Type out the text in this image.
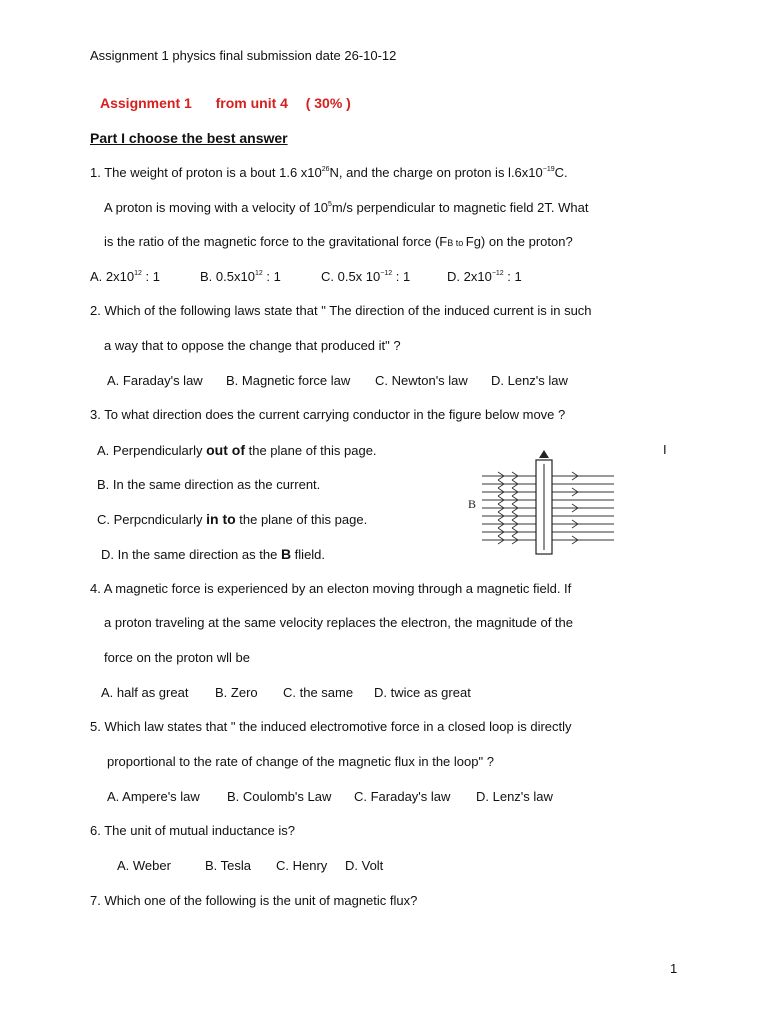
Assignment 1 physics final submission date 26-10-12
Assignment 1 from unit 4 ( 30% )
Part I choose the best answer
1. The weight of proton is a bout 1.6 $x10^{26}N$, and the charge on proton is $l.6x10^{-19}C$.
A proton is moving with a velocity of $10^5m/s$ perpendicular to magnetic field 2T. What
is the ratio of the magnetic force to the gravitational force (FB to Fg) on the proton?
A. $2x10^{12}$ : 1	B. $0.5x10^{12}$ : 1	C. 0.5x $10^{-12}$ : 1	D. $2x10^{-12}$ : 1
2. Which of the following laws state that " The direction of the induced current is in such
a way that to oppose the change that produced it" ?
A. Faraday's law B. Magnetic force law C. Newton's law D. Lenz's law
3. To what direction does the current carrying conductor in the figure below move ?
A. Perpendicularly out of the plane of this page.
B. In the same direction as the current.
C. Perpcndicularly in to the plane of this page.
D. In the same direction as the B flield.
I
B
4. A magnetic force is experienced by an electon moving through a magnetic field. If
a proton traveling at the same velocity replaces the electron, the magnitude of the
force on the proton wll be
A. half as great B. Zero C. the same D. twice as great
5. Which law states that " the induced electromotive force in a closed loop is directly
proportional to the rate of change of the magnetic flux in the loop" ?
A. Ampere's law B. Coulomb's Law C. Faraday's law D. Lenz's law
6. The unit of mutual inductance is?
A. Weber	B. Tesla C. Henry D. Volt
7. Which one of the following is the unit of magnetic flux?
1
